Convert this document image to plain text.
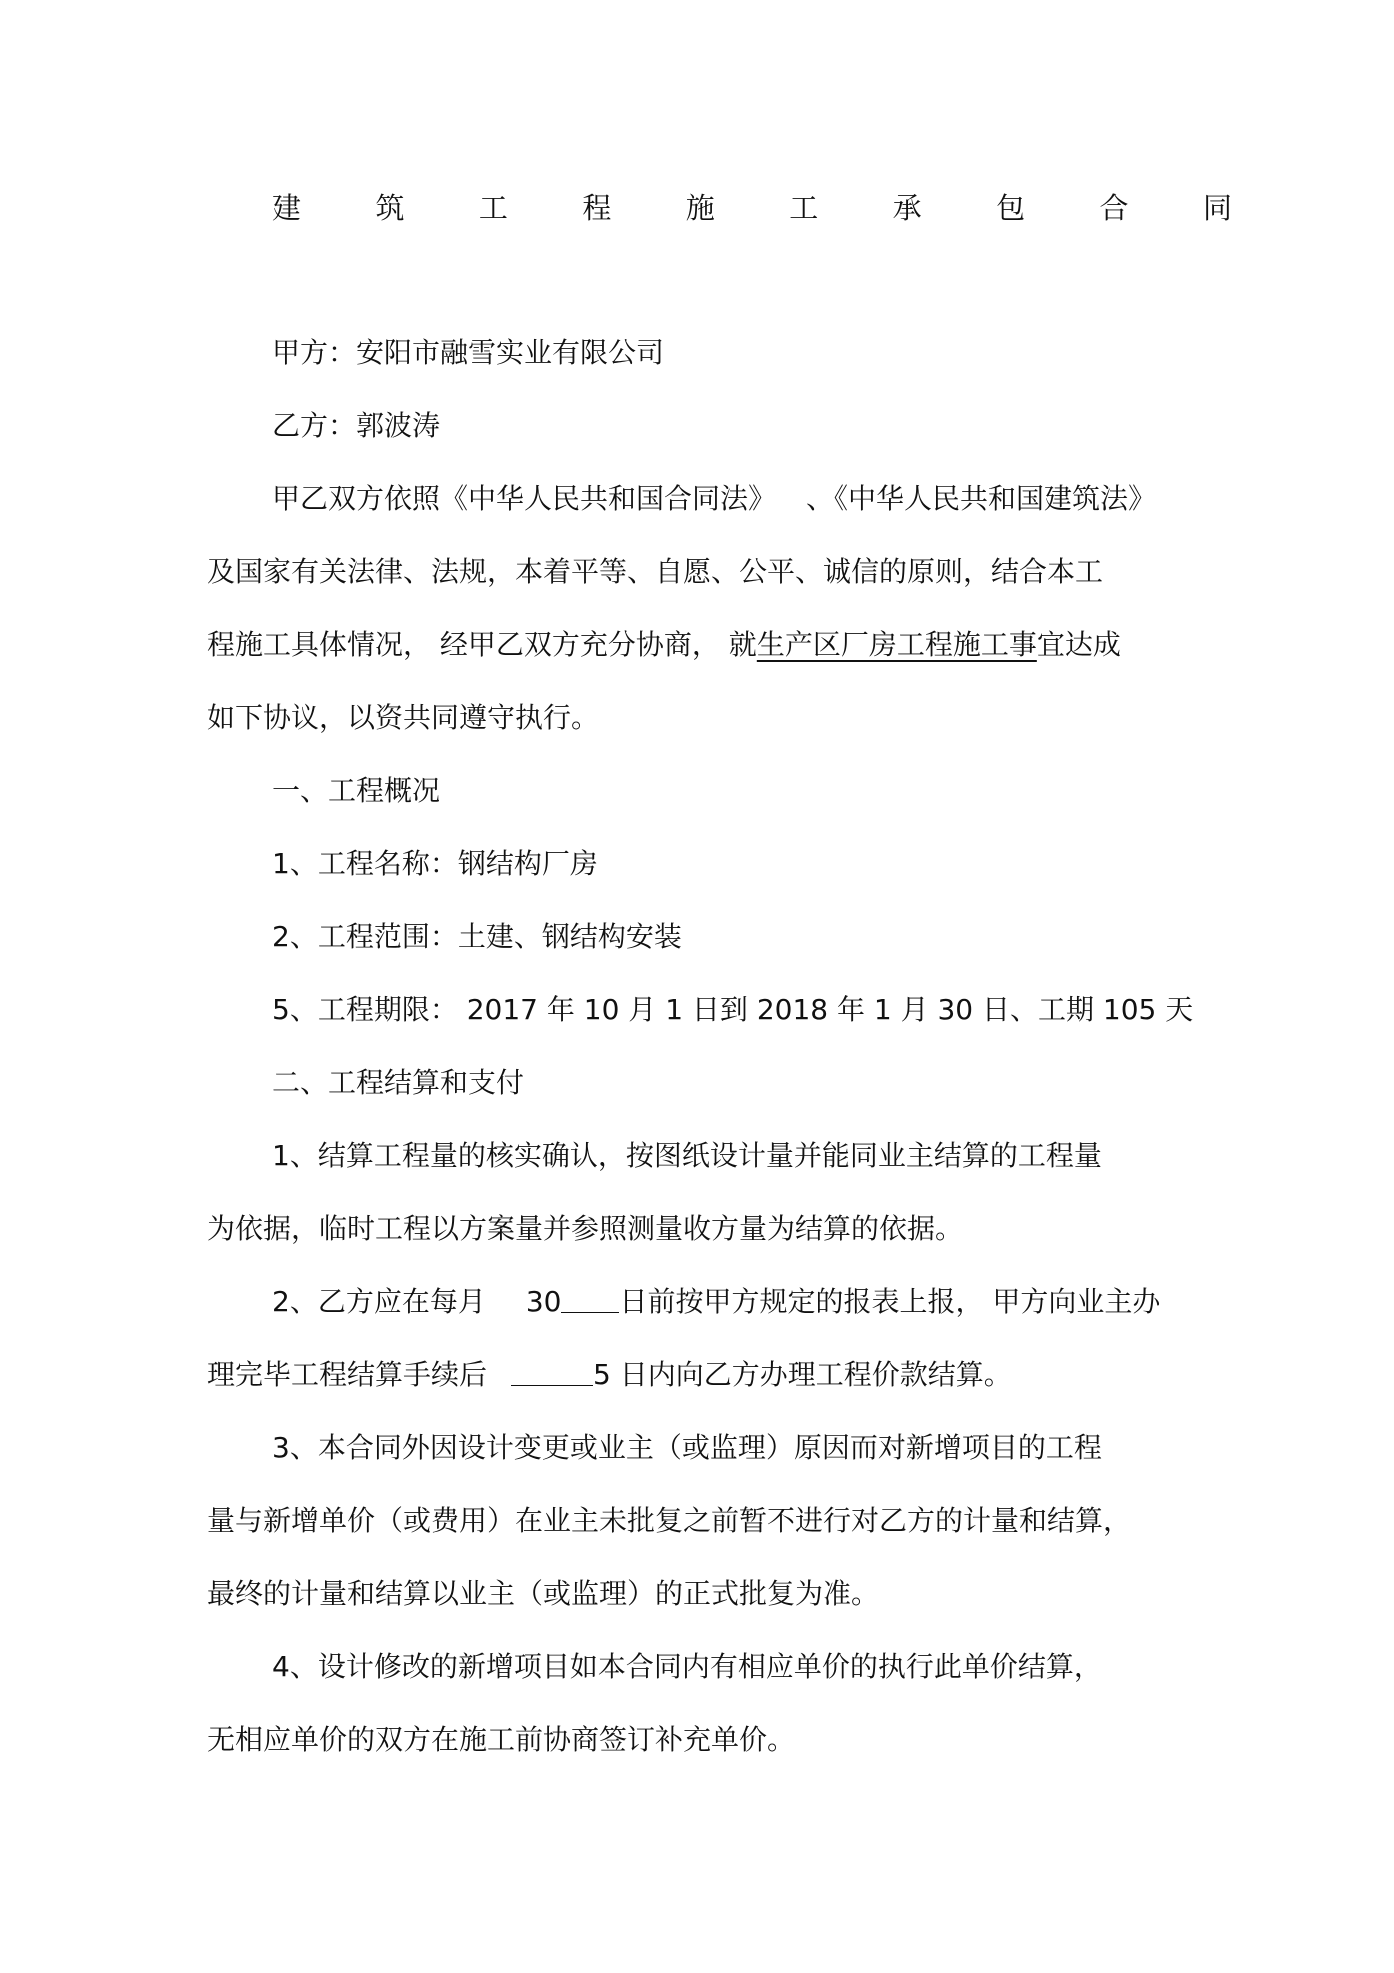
建	筑	工	程	施	工	承	包	合	同
甲方：安阳市融雪实业有限公司
乙方：郭波涛
甲乙双方依照《中华人民共和国合同法》 、《中华人民共和国建筑法》
及国家有关法律、法规，本着平等、自愿、公平、诚信的原则，结合本工
程施工具体情况， 经甲乙双方充分协商， 就生产区厂房工程施工事宜达成
如下协议，以资共同遵守执行。
一、工程概况
1、工程名称：钢结构厂房
2、工程范围：土建、钢结构安装
5、工程期限： 2017 年 10 月 1 日到 2018 年 1 月 30 日、工期 105 天
二、工程结算和支付
1、结算工程量的核实确认，按图纸设计量并能同业主结算的工程量
为依据，临时工程以方案量并参照测量收方量为结算的依据。
2、乙方应在每月 30 日前按甲方规定的报表上报， 甲方向业主办
理完毕工程结算手续后	5 日内向乙方办理工程价款结算。
3、本合同外因设计变更或业主（或监理）原因而对新增项目的工程
量与新增单价（或费用）在业主未批复之前暂不进行对乙方的计量和结算，
最终的计量和结算以业主（或监理）的正式批复为准。
4、设计修改的新增项目如本合同内有相应单价的执行此单价结算，
无相应单价的双方在施工前协商签订补充单价。
